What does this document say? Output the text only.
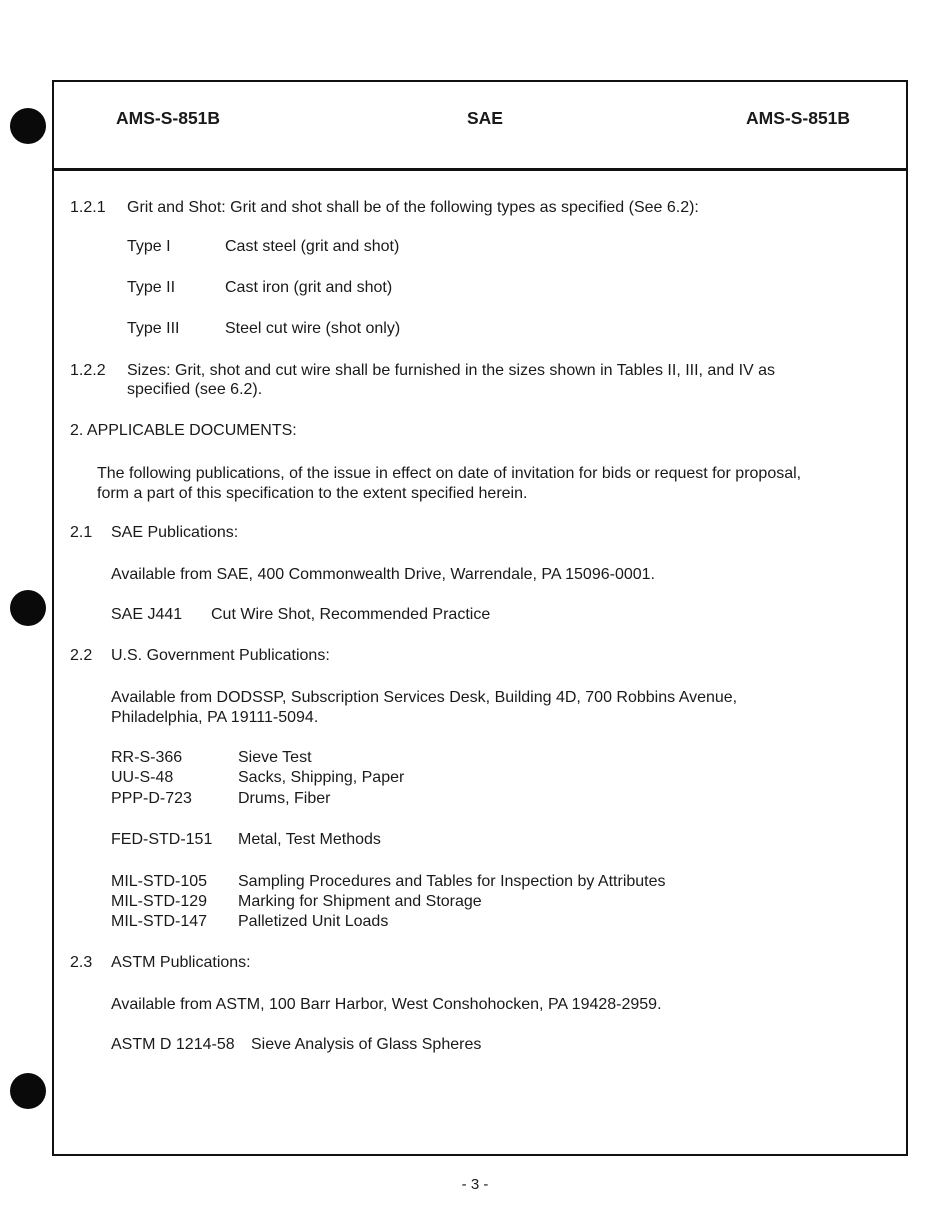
AMS-S-851B	SAE	AMS-S-851B
1.2.1 Grit and Shot: Grit and shot shall be of the following types as specified (See 6.2):
Type I	Cast steel (grit and shot)
Type II	Cast iron (grit and shot)
Type III	Steel cut wire (shot only)
1.2.2 Sizes: Grit, shot and cut wire shall be furnished in the sizes shown in Tables II, III, and IV as
specified (see 6.2).
2. APPLICABLE DOCUMENTS:
The following publications, of the issue in effect on date of invitation for bids or request for proposal,
form a part of this specification to the extent specified herein.
2.1 SAE Publications:
Available from SAE, 400 Commonwealth Drive, Warrendale, PA 15096-0001.
SAE J441 Cut Wire Shot, Recommended Practice
2.2 U.S. Government Publications:
Available from DODSSP, Subscription Services Desk, Building 4D, 700 Robbins Avenue,
Philadelphia, PA 19111-5094.
RR-S-366	Sieve Test
UU-S-48	Sacks, Shipping, Paper
PPP-D-723	Drums, Fiber
FED-STD-151 Metal, Test Methods
MIL-STD-105 Sampling Procedures and Tables for Inspection by Attributes
MIL-STD-129 Marking for Shipment and Storage
MIL-STD-147 Palletized Unit Loads
2.3 ASTM Publications:
Available from ASTM, 100 Barr Harbor, West Conshohocken, PA 19428-2959.
ASTM D 1214-58 Sieve Analysis of Glass Spheres
- 3 -
